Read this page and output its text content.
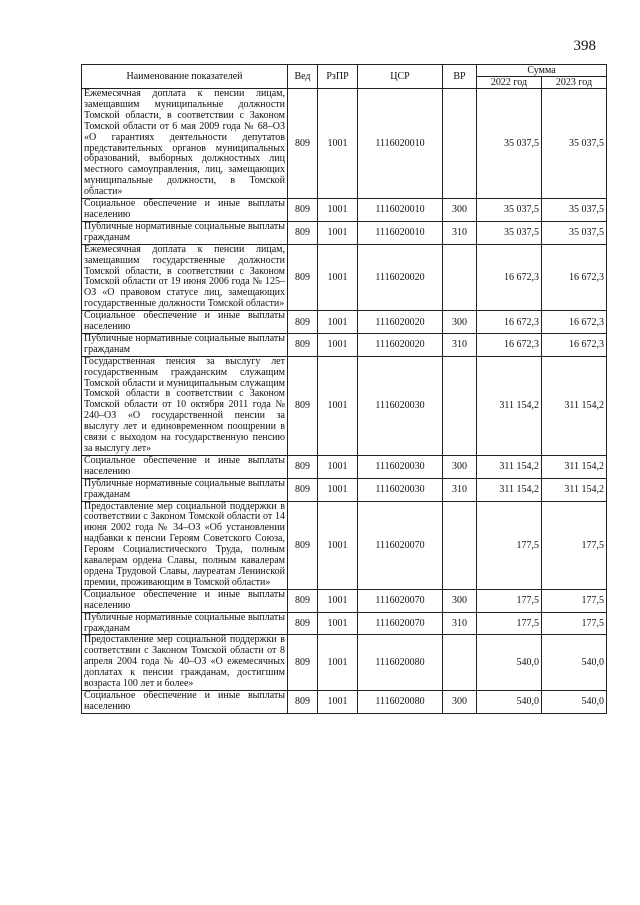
398
Наименование показателей	Вед	РзПР	ЦСР	ВР	Сумма	
					2022 год	2023 год
Ежемесячная доплата к пенсии лицам, замещавшим муниципальные должности Томской области, в соответствии с Законом Томской области от 6 мая 2009 года № 68–ОЗ «О гарантиях деятельности депутатов представительных органов муниципальных образований, выборных должностных лиц местного самоуправления, лиц, замещающих муниципальные должности, в Томской области»	809	1001	1116020010		35 037,5	35 037,5
Социальное обеспечение и иные выплаты населению	809	1001	1116020010	300	35 037,5	35 037,5
Публичные нормативные социальные выплаты гражданам	809	1001	1116020010	310	35 037,5	35 037,5
Ежемесячная доплата к пенсии лицам, замещавшим государственные должности Томской области, в соответствии с Законом Томской области от 19 июня 2006 года № 125–ОЗ «О правовом статусе лиц, замещающих государственные должности Томской области»	809	1001	1116020020		16 672,3	16 672,3
Социальное обеспечение и иные выплаты населению	809	1001	1116020020	300	16 672,3	16 672,3
Публичные нормативные социальные выплаты гражданам	809	1001	1116020020	310	16 672,3	16 672,3
Государственная пенсия за выслугу лет государственным гражданским служащим Томской области и муниципальным служащим Томской области в соответствии с Законом Томской области от 10 октября 2011 года № 240–ОЗ «О государственной пенсии за выслугу лет и единовременном поощрении в связи с выходом на государственную пенсию за выслугу лет»	809	1001	1116020030		311 154,2	311 154,2
Социальное обеспечение и иные выплаты населению	809	1001	1116020030	300	311 154,2	311 154,2
Публичные нормативные социальные выплаты гражданам	809	1001	1116020030	310	311 154,2	311 154,2
Предоставление мер социальной поддержки в соответствии с Законом Томской области от 14 июня 2002 года № 34–ОЗ «Об установлении надбавки к пенсии Героям Советского Союза, Героям Социалистического Труда, полным кавалерам ордена Славы, полным кавалерам ордена Трудовой Славы, лауреатам Ленинской премии, проживающим в Томской области»	809	1001	1116020070		177,5	177,5
Социальное обеспечение и иные выплаты населению	809	1001	1116020070	300	177,5	177,5
Публичные нормативные социальные выплаты гражданам	809	1001	1116020070	310	177,5	177,5
Предоставление мер социальной поддержки в соответствии с Законом Томской области от 8 апреля 2004 года № 40–ОЗ «О ежемесячных доплатах к пенсии гражданам, достигшим возраста 100 лет и более»	809	1001	1116020080		540,0	540,0
Социальное обеспечение и иные выплаты населению	809	1001	1116020080	300	540,0	540,0
